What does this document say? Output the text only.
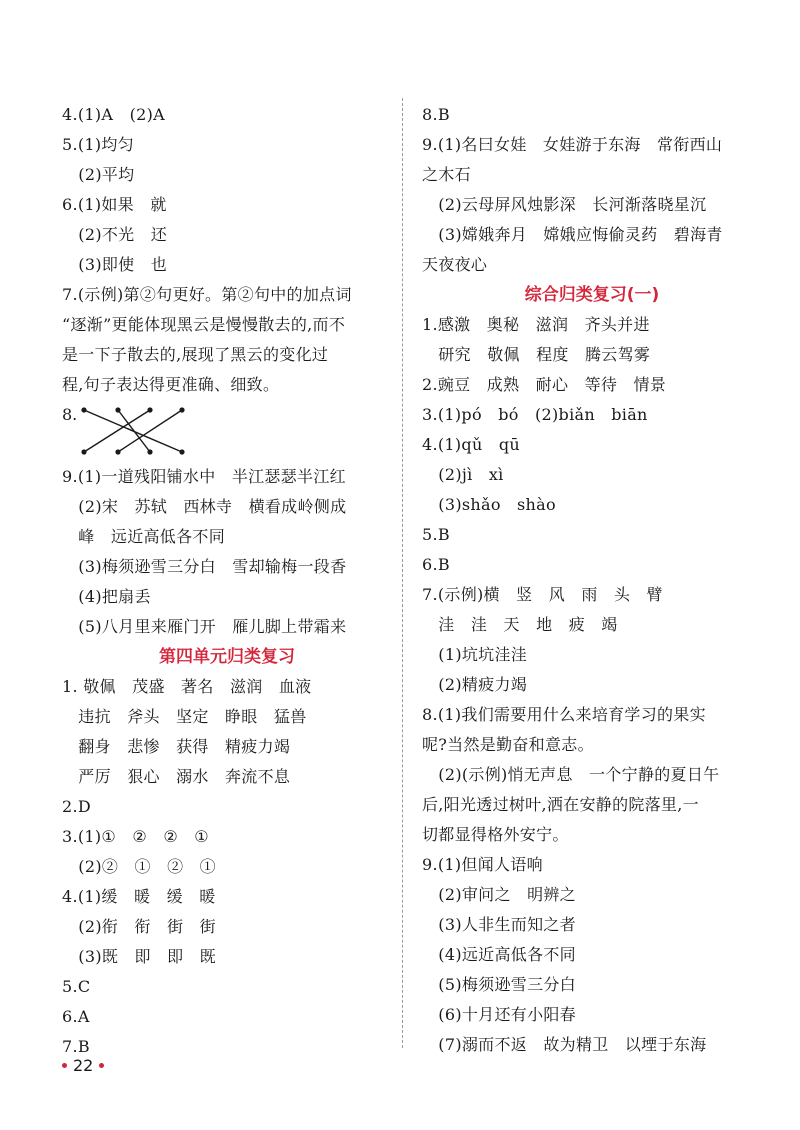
4.(1)A　(2)A
5.(1)均匀
　(2)平均
6.(1)如果　就
　(2)不光　还
　(3)即使　也
7.(示例)第②句更好。第②句中的加点词
“逐渐”更能体现黑云是慢慢散去的,而不
是一下子散去的,展现了黑云的变化过
程,句子表达得更准确、细致。
8.
9.(1)一道残阳铺水中　半江瑟瑟半江红
　(2)宋　苏轼　西林寺　横看成岭侧成
　峰　远近高低各不同
　(3)梅须逊雪三分白　雪却输梅一段香
　(4)把扇丢
　(5)八月里来雁门开　雁儿脚上带霜来
第四单元归类复习
1. 敬佩　茂盛　著名　滋润　血液
　违抗　斧头　坚定　睁眼　猛兽
　翻身　悲惨　获得　精疲力竭
　严厉　狠心　溺水　奔流不息
2.D
3.(1)①　②　②　①
　(2)②　①　②　①
4.(1)缓　暖　缓　暖
　(2)衔　衔　街　街
　(3)既　即　即　既
5.C
6.A
7.B
8.B
9.(1)名曰女娃　女娃游于东海　常衔西山
之木石
　(2)云母屏风烛影深　长河渐落晓星沉
　(3)嫦娥奔月　嫦娥应悔偷灵药　碧海青
天夜夜心
综合归类复习(一)
1.感激　奥秘　滋润　齐头并进
　研究　敬佩　程度　腾云驾雾
2.豌豆　成熟　耐心　等待　情景
3.(1)pó　bó　(2)biǎn　biān
4.(1)qǔ　qū
　(2)jì　xì
　(3)shǎo　shào
5.B
6.B
7.(示例)横　竖　风　雨　头　臂
　洼　洼　天　地　疲　竭
　(1)坑坑洼洼
　(2)精疲力竭
8.(1)我们需要用什么来培育学习的果实
呢?当然是勤奋和意志。
　(2)(示例)悄无声息　一个宁静的夏日午
后,阳光透过树叶,洒在安静的院落里,一
切都显得格外安宁。
9.(1)但闻人语响
　(2)审问之　明辨之
　(3)人非生而知之者
　(4)远近高低各不同
　(5)梅须逊雪三分白
　(6)十月还有小阳春
　(7)溺而不返　故为精卫　以堙于东海
22
